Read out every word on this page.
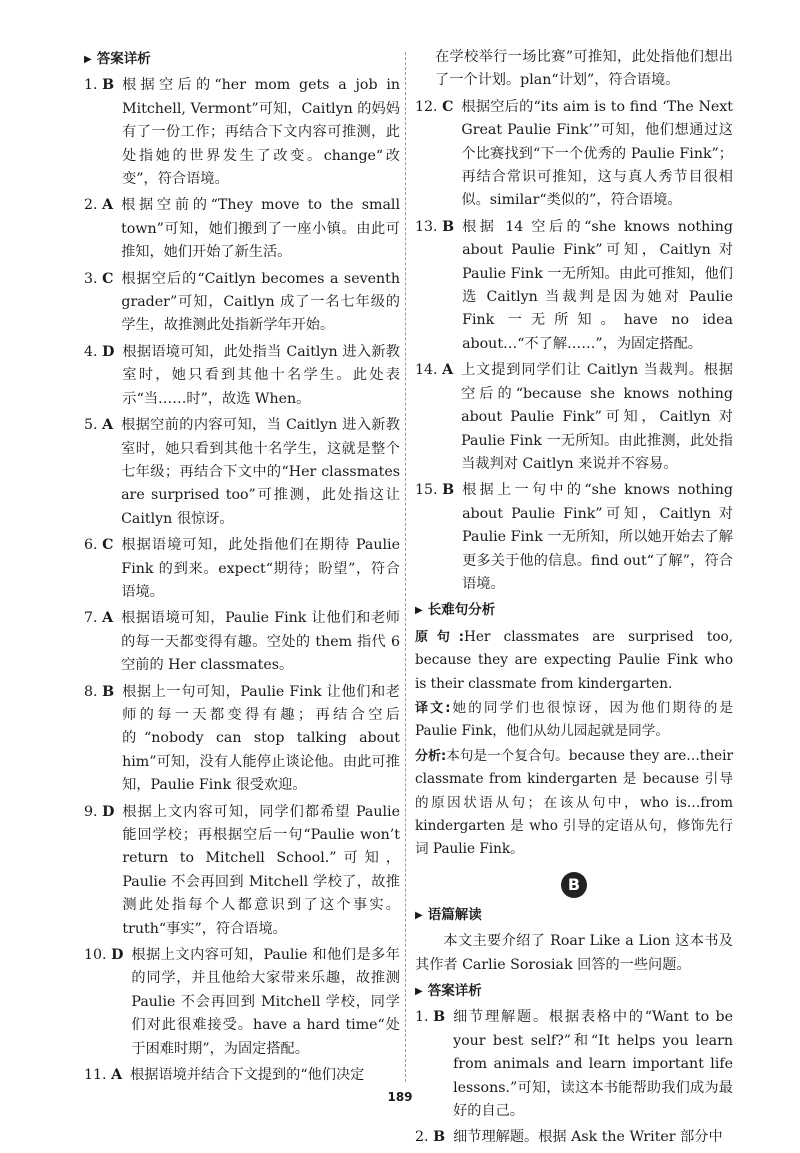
▶ 答案详析
1. B 根据空后的“her mom gets a job in Mitchell, Vermont”可知，Caitlyn 的妈妈有了一份工作；再结合下文内容可推测，此处指她的世界发生了改变。change“改变”，符合语境。
2. A 根据空前的“They move to the small town”可知，她们搬到了一座小镇。由此可推知，她们开始了新生活。
3. C 根据空后的“Caitlyn becomes a seventh grader”可知，Caitlyn 成了一名七年级的学生，故推测此处指新学年开始。
4. D 根据语境可知，此处指当 Caitlyn 进入新教室时，她只看到其他十名学生。此处表示“当……时”，故选 When。
5. A 根据空前的内容可知，当 Caitlyn 进入新教室时，她只看到其他十名学生，这就是整个七年级；再结合下文中的“Her classmates are surprised too”可推测，此处指这让 Caitlyn 很惊讶。
6. C 根据语境可知，此处指他们在期待 Paulie Fink 的到来。expect“期待；盼望”，符合语境。
7. A 根据语境可知，Paulie Fink 让他们和老师的每一天都变得有趣。空处的 them 指代 6 空前的 Her classmates。
8. B 根据上一句可知，Paulie Fink 让他们和老师的每一天都变得有趣；再结合空后的“nobody can stop talking about him”可知，没有人能停止谈论他。由此可推知，Paulie Fink 很受欢迎。
9. D 根据上文内容可知，同学们都希望 Paulie 能回学校；再根据空后一句“Paulie won’t return to Mitchell School.”可知，Paulie 不会再回到 Mitchell 学校了，故推测此处指每个人都意识到了这个事实。truth“事实”，符合语境。
10. D 根据上文内容可知，Paulie 和他们是多年的同学，并且他给大家带来乐趣，故推测 Paulie 不会再回到 Mitchell 学校，同学们对此很难接受。have a hard time“处于困难时期”，为固定搭配。
11. A 根据语境并结合下文提到的“他们决定
在学校举行一场比赛”可推知，此处指他们想出了一个计划。plan“计划”，符合语境。
12. C 根据空后的“its aim is to find ‘The Next Great Paulie Fink’”可知，他们想通过这个比赛找到“下一个优秀的 Paulie Fink”；再结合常识可推知，这与真人秀节目很相似。similar“类似的”，符合语境。
13. B 根据 14 空后的“she knows nothing about Paulie Fink”可知，Caitlyn 对 Paulie Fink 一无所知。由此可推知，他们选 Caitlyn 当裁判是因为她对 Paulie Fink 一无所知。have no idea about…“不了解……”，为固定搭配。
14. A 上文提到同学们让 Caitlyn 当裁判。根据空后的“because she knows nothing about Paulie Fink”可知，Caitlyn 对 Paulie Fink 一无所知。由此推测，此处指当裁判对 Caitlyn 来说并不容易。
15. B 根据上一句中的“she knows nothing about Paulie Fink”可知，Caitlyn 对 Paulie Fink 一无所知，所以她开始去了解更多关于他的信息。find out“了解”，符合语境。
▶ 长难句分析
原句:Her classmates are surprised too, because they are expecting Paulie Fink who is their classmate from kindergarten.
译文:她的同学们也很惊讶，因为他们期待的是 Paulie Fink，他们从幼儿园起就是同学。
分析:本句是一个复合句。because they are…their classmate from kindergarten 是 because 引导的原因状语从句；在该从句中，who is…from kindergarten 是 who 引导的定语从句，修饰先行词 Paulie Fink。
B
▶ 语篇解读
本文主要介绍了 Roar Like a Lion 这本书及其作者 Carlie Sorosiak 回答的一些问题。
▶ 答案详析
1. B 细节理解题。根据表格中的“Want to be your best self?”和“It helps you learn from animals and learn important life lessons.”可知，读这本书能帮助我们成为最好的自己。
2. B 细节理解题。根据 Ask the Writer 部分中
189
